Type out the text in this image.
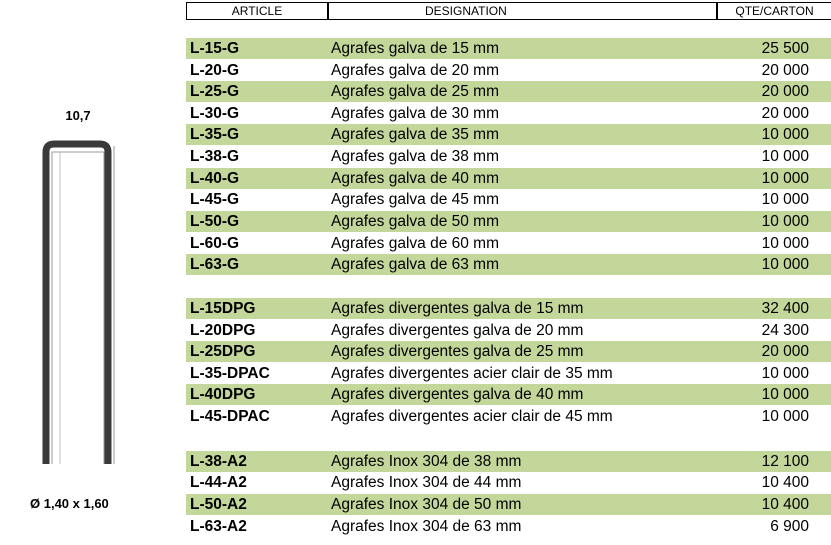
10,7
Ø 1,40 x 1,60
ARTICLE	DESIGNATION	QTE/CARTON
L-15-G	Agrafes galva de 15 mm	25 500
L-20-G	Agrafes galva de 20 mm	20 000
L-25-G	Agrafes galva de 25 mm	20 000
L-30-G	Agrafes galva de 30 mm	20 000
L-35-G	Agrafes galva de 35 mm	10 000
L-38-G	Agrafes galva de 38 mm	10 000
L-40-G	Agrafes galva de 40 mm	10 000
L-45-G	Agrafes galva de 45 mm	10 000
L-50-G	Agrafes galva de 50 mm	10 000
L-60-G	Agrafes galva de 60 mm	10 000
L-63-G	Agrafes galva de 63 mm	10 000
L-15DPG	Agrafes divergentes galva de 15 mm	32 400
L-20DPG	Agrafes divergentes galva de 20 mm	24 300
L-25DPG	Agrafes divergentes galva de 25 mm	20 000
L-35-DPAC	Agrafes divergentes acier clair de 35 mm	10 000
L-40DPG	Agrafes divergentes galva de 40 mm	10 000
L-45-DPAC	Agrafes divergentes acier clair de 45 mm	10 000
L-38-A2	Agrafes Inox 304 de 38 mm	12 100
L-44-A2	Agrafes Inox 304 de 44 mm	10 400
L-50-A2	Agrafes Inox 304 de 50 mm	10 400
L-63-A2	Agrafes Inox 304 de 63 mm	6 900
